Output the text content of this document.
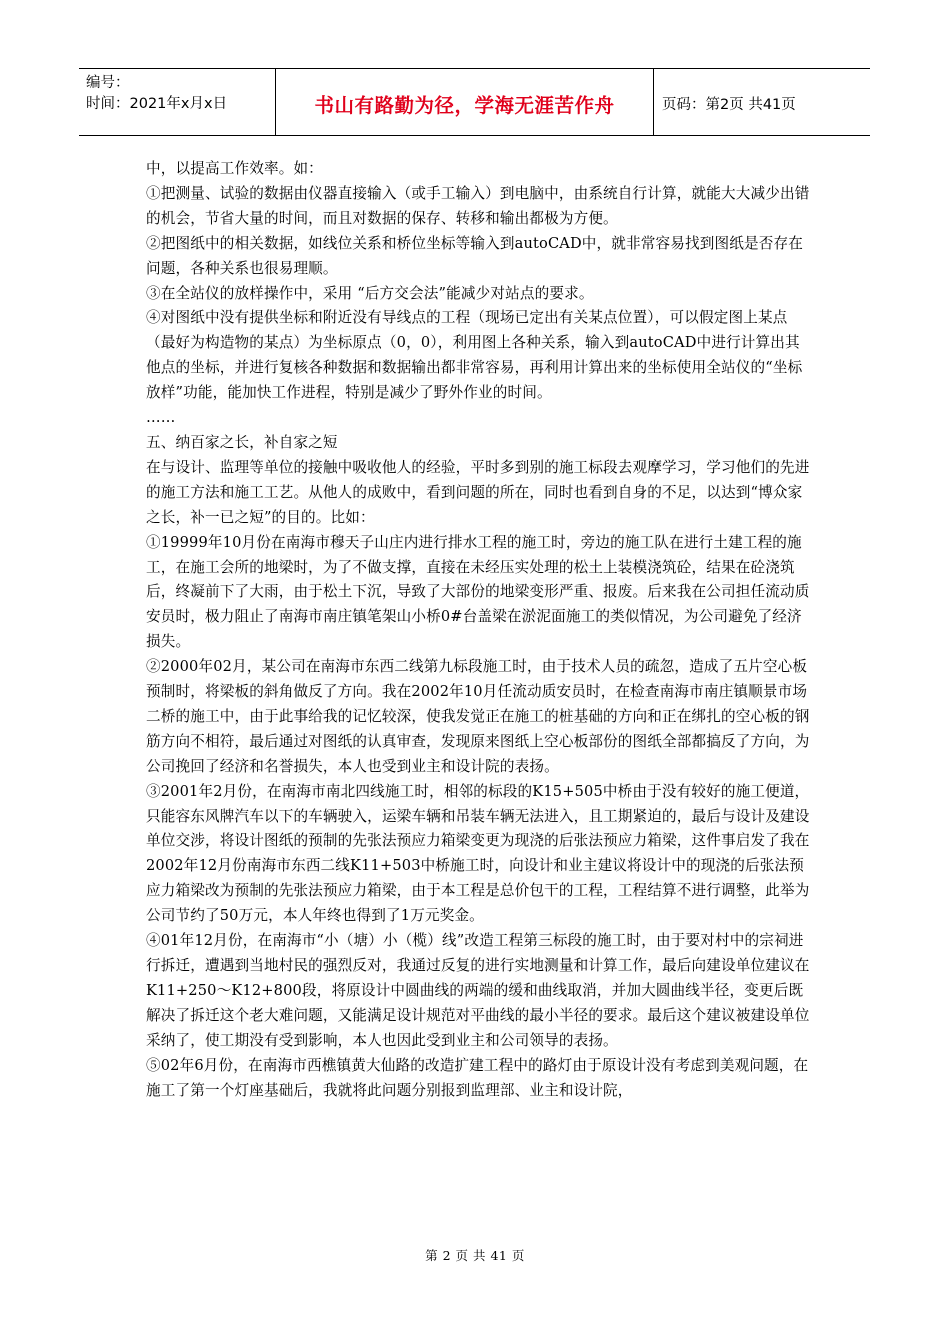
编号：
时间：2021年x月x日	书山有路勤为径，学海无涯苦作舟	页码：第2页 共41页

中，以提高工作效率。如：

①把测量、试验的数据由仪器直接输入（或手工输入）到电脑中，由系统自行计算，就能大大减少出错的机会，节省大量的时间，而且对数据的保存、转移和输出都极为方便。

②把图纸中的相关数据，如线位关系和桥位坐标等输入到autoCAD中，就非常容易找到图纸是否存在问题，各种关系也很易理顺。

③在全站仪的放样操作中，采用 “后方交会法”能减少对站点的要求。

④对图纸中没有提供坐标和附近没有导线点的工程（现场已定出有关某点位置），可以假定图上某点（最好为构造物的某点）为坐标原点（0，0），利用图上各种关系，输入到autoCAD中进行计算出其他点的坐标，并进行复核各种数据和数据输出都非常容易，再利用计算出来的坐标使用全站仪的“坐标放样”功能，能加快工作进程，特别是减少了野外作业的时间。

……

五、纳百家之长，补自家之短

在与设计、监理等单位的接触中吸收他人的经验，平时多到别的施工标段去观摩学习，学习他们的先进的施工方法和施工工艺。从他人的成败中，看到问题的所在，同时也看到自身的不足，以达到“博众家之长，补一已之短”的目的。比如：

①19999年10月份在南海市穆天子山庄内进行排水工程的施工时，旁边的施工队在进行土建工程的施工，在施工会所的地梁时，为了不做支撑，直接在未经压实处理的松土上装模浇筑砼，结果在砼浇筑后，终凝前下了大雨，由于松土下沉，导致了大部份的地梁变形严重、报废。后来我在公司担任流动质安员时，极力阻止了南海市南庄镇笔架山小桥0#台盖梁在淤泥面施工的类似情况，为公司避免了经济损失。

②2000年02月，某公司在南海市东西二线第九标段施工时，由于技术人员的疏忽，造成了五片空心板预制时，将梁板的斜角做反了方向。我在2002年10月任流动质安员时，在检查南海市南庄镇顺景市场二桥的施工中，由于此事给我的记忆较深，使我发觉正在施工的桩基础的方向和正在绑扎的空心板的钢筋方向不相符，最后通过对图纸的认真审查，发现原来图纸上空心板部份的图纸全部都搞反了方向，为公司挽回了经济和名誉损失，本人也受到业主和设计院的表扬。

③2001年2月份，在南海市南北四线施工时，相邻的标段的K15+505中桥由于没有较好的施工便道，只能容东风牌汽车以下的车辆驶入，运梁车辆和吊装车辆无法进入，且工期紧迫的，最后与设计及建设单位交涉，将设计图纸的预制的先张法预应力箱梁变更为现浇的后张法预应力箱梁，这件事启发了我在2002年12月份南海市东西二线K11+503中桥施工时，向设计和业主建议将设计中的现浇的后张法预应力箱梁改为预制的先张法预应力箱梁，由于本工程是总价包干的工程，工程结算不进行调整，此举为公司节约了50万元，本人年终也得到了1万元奖金。

④01年12月份，在南海市“小（塘）小（榄）线”改造工程第三标段的施工时，由于要对村中的宗祠进行拆迁，遭遇到当地村民的强烈反对，我通过反复的进行实地测量和计算工作，最后向建设单位建议在K11+250～K12+800段，将原设计中圆曲线的两端的缓和曲线取消，并加大圆曲线半径，变更后既解决了拆迁这个老大难问题，又能满足设计规范对平曲线的最小半径的要求。最后这个建议被建设单位采纳了，使工期没有受到影响，本人也因此受到业主和公司领导的表扬。

⑤02年6月份，在南海市西樵镇黄大仙路的改造扩建工程中的路灯由于原设计没有考虑到美观问题，在施工了第一个灯座基础后，我就将此问题分别报到监理部、业主和设计院，

第 2 页 共 41 页
